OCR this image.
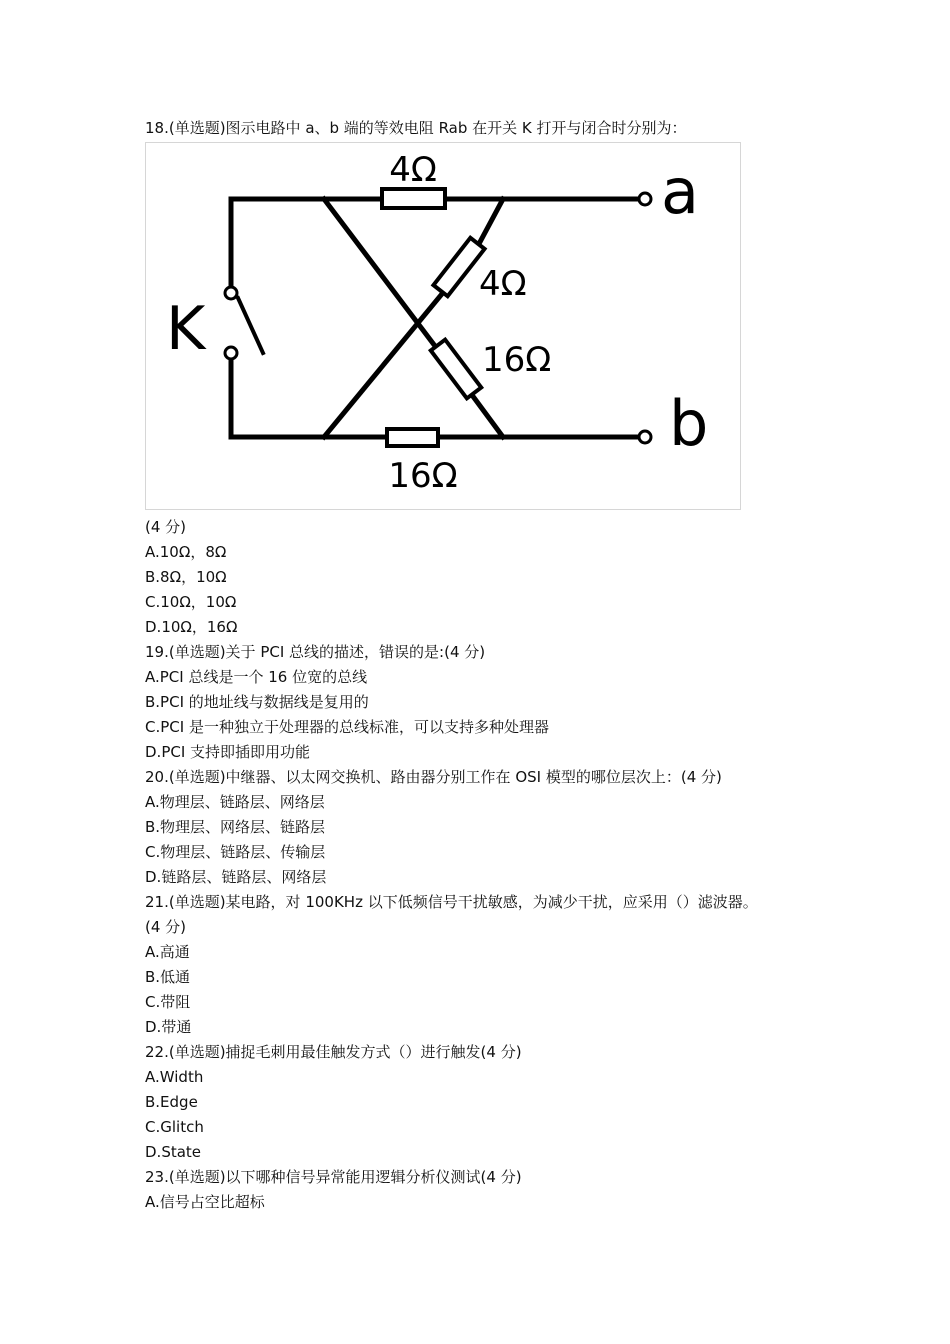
18.(单选题)图示电路中 a、b 端的等效电阻 Rab 在开关 K 打开与闭合时分别为：
4Ω
4Ω
16Ω
16Ω
K
a
b
(4 分)
A.10Ω，8Ω
B.8Ω，10Ω
C.10Ω，10Ω
D.10Ω，16Ω
19.(单选题)关于 PCI 总线的描述，错误的是:(4 分)
A.PCI 总线是一个 16 位宽的总线
B.PCI 的地址线与数据线是复用的
C.PCI 是一种独立于处理器的总线标准，可以支持多种处理器
D.PCI 支持即插即用功能
20.(单选题)中继器、以太网交换机、路由器分别工作在 OSI 模型的哪位层次上：(4 分)
A.物理层、链路层、网络层
B.物理层、网络层、链路层
C.物理层、链路层、传输层
D.链路层、链路层、网络层
21.(单选题)某电路，对 100KHz 以下低频信号干扰敏感，为减少干扰，应采用（）滤波器。
(4 分)
A.高通
B.低通
C.带阻
D.带通
22.(单选题)捕捉毛刺用最佳触发方式（）进行触发(4 分)
A.Width
B.Edge
C.Glitch
D.State
23.(单选题)以下哪种信号异常能用逻辑分析仪测试(4 分)
A.信号占空比超标
